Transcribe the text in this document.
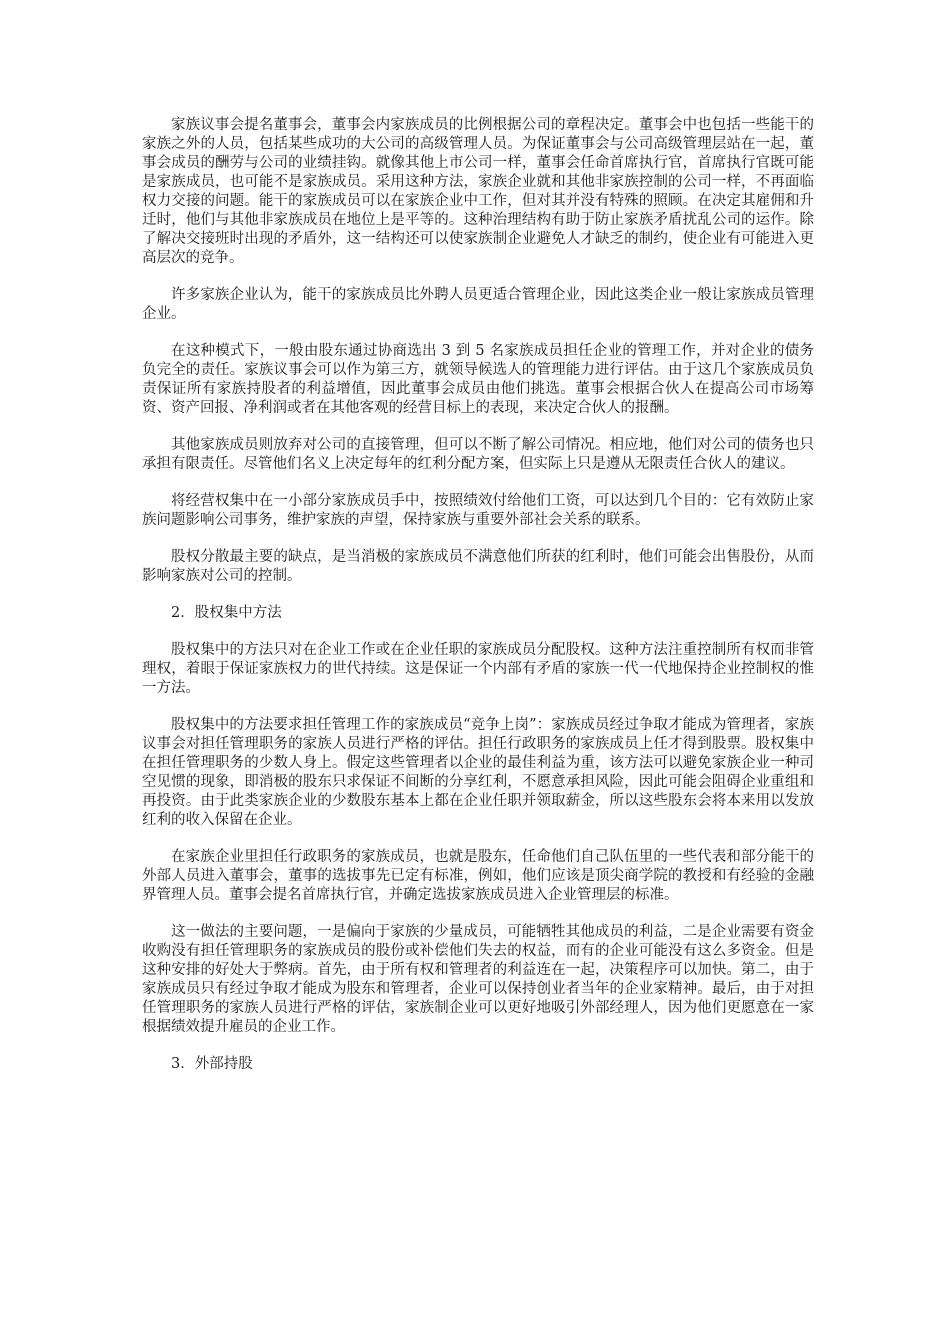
家族议事会提名董事会，董事会内家族成员的比例根据公司的章程决定。董事会中也包括一些能干的家族之外的人员，包括某些成功的大公司的高级管理人员。为保证董事会与公司高级管理层站在一起，董事会成员的酬劳与公司的业绩挂钩。就像其他上市公司一样，董事会任命首席执行官，首席执行官既可能是家族成员，也可能不是家族成员。采用这种方法，家族企业就和其他非家族控制的公司一样，不再面临权力交接的问题。能干的家族成员可以在家族企业中工作，但对其并没有特殊的照顾。在决定其雇佣和升迁时，他们与其他非家族成员在地位上是平等的。这种治理结构有助于防止家族矛盾扰乱公司的运作。除了解决交接班时出现的矛盾外，这一结构还可以使家族制企业避免人才缺乏的制约，使企业有可能进入更高层次的竞争。

许多家族企业认为，能干的家族成员比外聘人员更适合管理企业，因此这类企业一般让家族成员管理企业。

在这种模式下，一般由股东通过协商选出 3 到 5 名家族成员担任企业的管理工作，并对企业的债务负完全的责任。家族议事会可以作为第三方，就领导候选人的管理能力进行评估。由于这几个家族成员负责保证所有家族持股者的利益增值，因此董事会成员由他们挑选。董事会根据合伙人在提高公司市场筹资、资产回报、净利润或者在其他客观的经营目标上的表现，来决定合伙人的报酬。

其他家族成员则放弃对公司的直接管理，但可以不断了解公司情况。相应地，他们对公司的债务也只承担有限责任。尽管他们名义上决定每年的红利分配方案，但实际上只是遵从无限责任合伙人的建议。

将经营权集中在一小部分家族成员手中，按照绩效付给他们工资，可以达到几个目的：它有效防止家族问题影响公司事务，维护家族的声望，保持家族与重要外部社会关系的联系。

股权分散最主要的缺点，是当消极的家族成员不满意他们所获的红利时，他们可能会出售股份，从而影响家族对公司的控制。

2．股权集中方法

股权集中的方法只对在企业工作或在企业任职的家族成员分配股权。这种方法注重控制所有权而非管理权，着眼于保证家族权力的世代持续。这是保证一个内部有矛盾的家族一代一代地保持企业控制权的惟一方法。

股权集中的方法要求担任管理工作的家族成员“竞争上岗”：家族成员经过争取才能成为管理者，家族议事会对担任管理职务的家族人员进行严格的评估。担任行政职务的家族成员上任才得到股票。股权集中在担任管理职务的少数人身上。假定这些管理者以企业的最佳利益为重，该方法可以避免家族企业一种司空见惯的现象，即消极的股东只求保证不间断的分享红利，不愿意承担风险，因此可能会阻碍企业重组和再投资。由于此类家族企业的少数股东基本上都在企业任职并领取薪金，所以这些股东会将本来用以发放红利的收入保留在企业。

在家族企业里担任行政职务的家族成员，也就是股东，任命他们自己队伍里的一些代表和部分能干的外部人员进入董事会，董事的选拔事先已定有标准，例如，他们应该是顶尖商学院的教授和有经验的金融界管理人员。董事会提名首席执行官，并确定选拔家族成员进入企业管理层的标准。

这一做法的主要问题，一是偏向于家族的少量成员，可能牺牲其他成员的利益，二是企业需要有资金收购没有担任管理职务的家族成员的股份或补偿他们失去的权益，而有的企业可能没有这么多资金。但是这种安排的好处大于弊病。首先，由于所有权和管理者的利益连在一起，决策程序可以加快。第二，由于家族成员只有经过争取才能成为股东和管理者，企业可以保持创业者当年的企业家精神。最后，由于对担任管理职务的家族人员进行严格的评估，家族制企业可以更好地吸引外部经理人，因为他们更愿意在一家根据绩效提升雇员的企业工作。

3．外部持股
